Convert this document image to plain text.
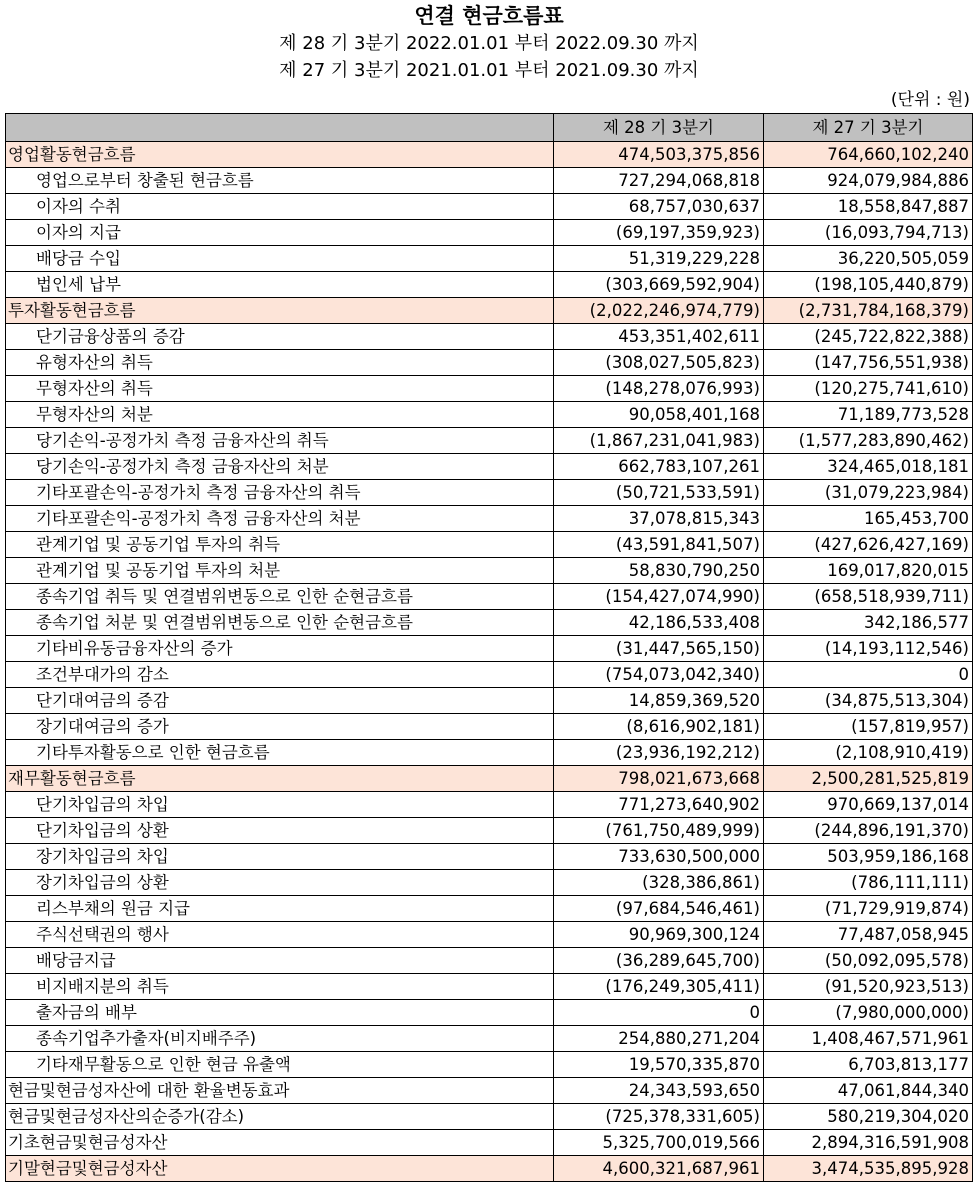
연결 현금흐름표
제 28 기 3분기 2022.01.01 부터 2022.09.30 까지
제 27 기 3분기 2021.01.01 부터 2021.09.30 까지
(단위 : 원)
	제 28 기 3분기	제 27 기 3분기
영업활동현금흐름	474,503,375,856	764,660,102,240
영업으로부터 창출된 현금흐름	727,294,068,818	924,079,984,886
이자의 수취	68,757,030,637	18,558,847,887
이자의 지급	(69,197,359,923)	(16,093,794,713)
배당금 수입	51,319,229,228	36,220,505,059
법인세 납부	(303,669,592,904)	(198,105,440,879)
투자활동현금흐름	(2,022,246,974,779)	(2,731,784,168,379)
단기금융상품의 증감	453,351,402,611	(245,722,822,388)
유형자산의 취득	(308,027,505,823)	(147,756,551,938)
무형자산의 취득	(148,278,076,993)	(120,275,741,610)
무형자산의 처분	90,058,401,168	71,189,773,528
당기손익-공정가치 측정 금융자산의 취득	(1,867,231,041,983)	(1,577,283,890,462)
당기손익-공정가치 측정 금융자산의 처분	662,783,107,261	324,465,018,181
기타포괄손익-공정가치 측정 금융자산의 취득	(50,721,533,591)	(31,079,223,984)
기타포괄손익-공정가치 측정 금융자산의 처분	37,078,815,343	165,453,700
관계기업 및 공동기업 투자의 취득	(43,591,841,507)	(427,626,427,169)
관계기업 및 공동기업 투자의 처분	58,830,790,250	169,017,820,015
종속기업 취득 및 연결범위변동으로 인한 순현금흐름	(154,427,074,990)	(658,518,939,711)
종속기업 처분 및 연결범위변동으로 인한 순현금흐름	42,186,533,408	342,186,577
기타비유동금융자산의 증가	(31,447,565,150)	(14,193,112,546)
조건부대가의 감소	(754,073,042,340)	0
단기대여금의 증감	14,859,369,520	(34,875,513,304)
장기대여금의 증가	(8,616,902,181)	(157,819,957)
기타투자활동으로 인한 현금흐름	(23,936,192,212)	(2,108,910,419)
재무활동현금흐름	798,021,673,668	2,500,281,525,819
단기차입금의 차입	771,273,640,902	970,669,137,014
단기차입금의 상환	(761,750,489,999)	(244,896,191,370)
장기차입금의 차입	733,630,500,000	503,959,186,168
장기차입금의 상환	(328,386,861)	(786,111,111)
리스부채의 원금 지급	(97,684,546,461)	(71,729,919,874)
주식선택권의 행사	90,969,300,124	77,487,058,945
배당금지급	(36,289,645,700)	(50,092,095,578)
비지배지분의 취득	(176,249,305,411)	(91,520,923,513)
출자금의 배부	0	(7,980,000,000)
종속기업추가출자(비지배주주)	254,880,271,204	1,408,467,571,961
기타재무활동으로 인한 현금 유출액	19,570,335,870	6,703,813,177
현금및현금성자산에 대한 환율변동효과	24,343,593,650	47,061,844,340
현금및현금성자산의순증가(감소)	(725,378,331,605)	580,219,304,020
기초현금및현금성자산	5,325,700,019,566	2,894,316,591,908
기말현금및현금성자산	4,600,321,687,961	3,474,535,895,928
